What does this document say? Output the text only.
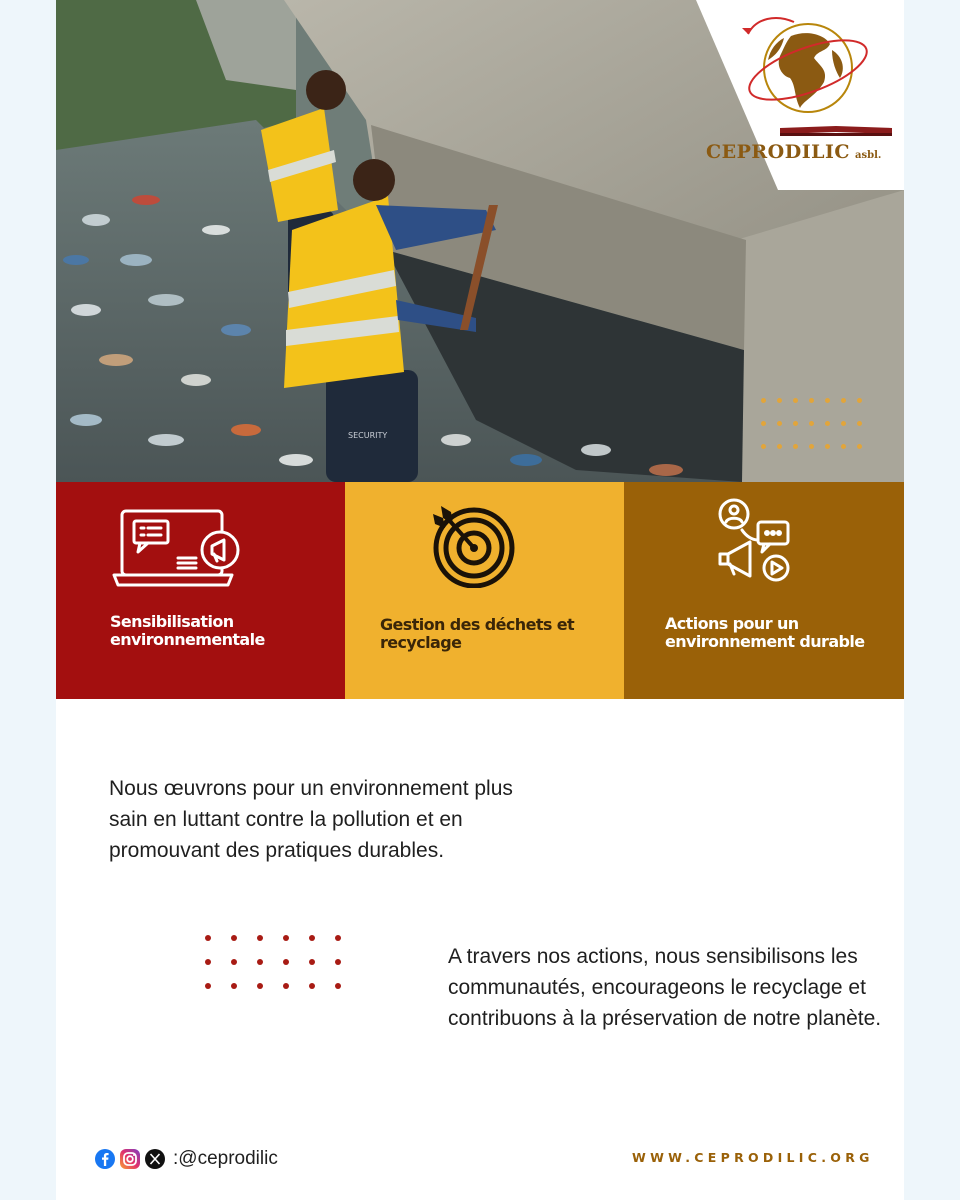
SECURITY
CEPRODILIC asbl.
Sensibilisation environnementale
Gestion des déchets et recyclage
Actions pour un environnement durable

Nous œuvrons pour un environnement plus sain en luttant contre la pollution et en promouvant des pratiques durables.

A travers nos actions, nous sensibilisons les communautés, encourageons le recyclage et contribuons à la préservation de notre planète.

:@ceprodilic	WWW.CEPRODILIC.ORG
